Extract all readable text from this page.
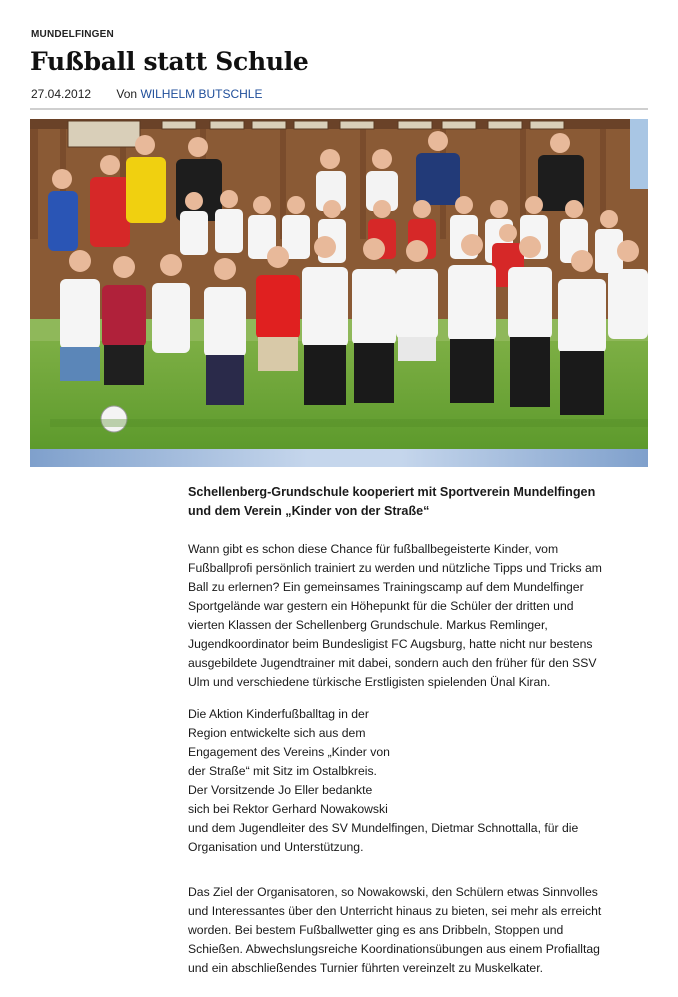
MUNDELFINGEN
Fußball statt Schule
27.04.2012 Von WILHELM BUTSCHLE
Schellenberg-Grundschule kooperiert mit Sportverein Mundelfingen
und dem Verein „Kinder von der Straße“

Wann gibt es schon diese Chance für fußballbegeisterte Kinder, vom
Fußballprofi persönlich trainiert zu werden und nützliche Tipps und Tricks am
Ball zu erlernen? Ein gemeinsames Trainingscamp auf dem Mundelfinger
Sportgelände war gestern ein Höhepunkt für die Schüler der dritten und
vierten Klassen der Schellenberg Grundschule. Markus Remlinger,
Jugendkoordinator beim Bundesligist FC Augsburg, hatte nicht nur bestens
ausgebildete Jugendtrainer mit dabei, sondern auch den früher für den SSV
Ulm und verschiedene türkische Erstligisten spielenden Ünal Kiran.

Die Aktion Kinderfußballtag in der
Region entwickelte sich aus dem
Engagement des Vereins „Kinder von
der Straße“ mit Sitz im Ostalbkreis.
Der Vorsitzende Jo Eller bedankte
sich bei Rektor Gerhard Nowakowski
und dem Jugendleiter des SV Mundelfingen, Dietmar Schnottalla, für die
Organisation und Unterstützung.

Das Ziel der Organisatoren, so Nowakowski, den Schülern etwas Sinnvolles
und Interessantes über den Unterricht hinaus zu bieten, sei mehr als erreicht
worden. Bei bestem Fußballwetter ging es ans Dribbeln, Stoppen und
Schießen. Abwechslungsreiche Koordinationsübungen aus einem Profialltag
und ein abschließendes Turnier führten vereinzelt zu Muskelkater.
